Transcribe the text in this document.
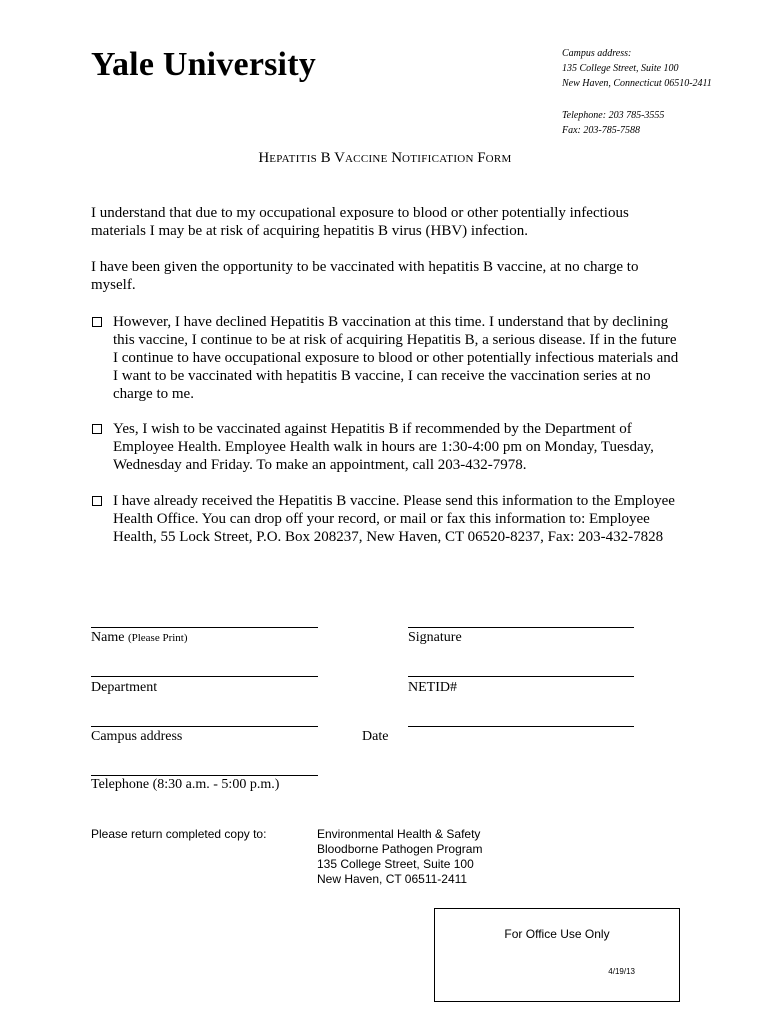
Yale University	Campus address:
135 College Street, Suite 100
New Haven, Connecticut 06510-2411
Telephone: 203 785-3555
Fax: 203-785-7588
HEPATITIS B VACCINE NOTIFICATION FORM
I understand that due to my occupational exposure to blood or other potentially infectious materials I may be at risk of acquiring hepatitis B virus (HBV) infection.
I have been given the opportunity to be vaccinated with hepatitis B vaccine, at no charge to myself.
However, I have declined Hepatitis B vaccination at this time. I understand that by declining this vaccine, I continue to be at risk of acquiring Hepatitis B, a serious disease. If in the future I continue to have occupational exposure to blood or other potentially infectious materials and I want to be vaccinated with hepatitis B vaccine, I can receive the vaccination series at no charge to me.
Yes, I wish to be vaccinated against Hepatitis B if recommended by the Department of Employee Health. Employee Health walk in hours are 1:30-4:00 pm on Monday, Tuesday, Wednesday and Friday. To make an appointment, call 203-432-7978.
I have already received the Hepatitis B vaccine. Please send this information to the Employee Health Office. You can drop off your record, or mail or fax this information to: Employee Health, 55 Lock Street, P.O. Box 208237, New Haven, CT 06520-8237, Fax: 203-432-7828
Name (Please Print)	Signature
Department	NETID#
Campus address	Date
Telephone (8:30 a.m. - 5:00 p.m.)
Please return completed copy to:	Environmental Health & Safety
Bloodborne Pathogen Program
135 College Street, Suite 100
New Haven, CT 06511-2411
For Office Use Only
4/19/13
